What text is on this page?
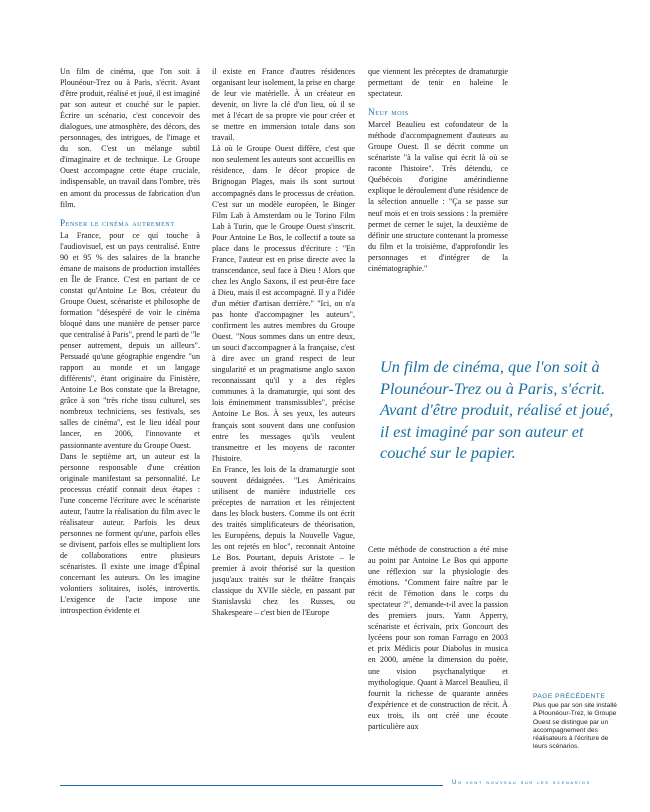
Un film de cinéma, que l'on soit à Plounéour-Trez ou à Paris, s'écrit. Avant d'être produit, réalisé et joué, il est imaginé par son auteur et couché sur le papier. Écrire un scénario, c'est concevoir des dialogues, une atmosphère, des décors, des personnages, des intrigues, de l'image et du son. C'est un mélange subtil d'imaginaire et de technique. Le Groupe Ouest accompagne cette étape cruciale, indispensable, un travail dans l'ombre, très en amont du processus de fabrication d'un film.

Penser le cinéma autrement

La France, pour ce qui touche à l'audiovisuel, est un pays centralisé. Entre 90 et 95 % des salaires de la branche émane de maisons de production installées en Île de France. C'est en partant de ce constat qu'Antoine Le Bos, créateur du Groupe Ouest, scénariste et philosophe de formation "désespéré de voir le cinéma bloqué dans une manière de penser parce que centralisé à Paris", prend le parti de "le penser autrement, depuis un ailleurs". Persuadé qu'une géographie engendre "un rapport au monde et un langage différents", étant originaire du Finistère, Antoine Le Bos constate que la Bretagne, grâce à son "très riche tissu culturel, ses nombreux techniciens, ses festivals, ses salles de cinéma", est le lieu idéal pour lancer, en 2006, l'innovante et passionnante aventure du Groupe Ouest.

Dans le septième art, un auteur est la personne responsable d'une création originale manifestant sa personnalité. Le processus créatif connait deux étapes : l'une concerne l'écriture avec le scénariste auteur, l'autre la réalisation du film avec le réalisateur auteur. Parfois les deux personnes ne forment qu'une, parfois elles se divisent, parfois elles se multiplient lors de collaborations entre plusieurs scénaristes. Il existe une image d'Épinal concernant les auteurs. On les imagine volontiers solitaires, isolés, introvertis. L'exigence de l'acte impose une introspection évidente et

il existe en France d'autres résidences organisant leur isolement, la prise en charge de leur vie matérielle. À un créateur en devenir, on livre la clé d'un lieu, où il se met à l'écart de sa propre vie pour créer et se mettre en immersion totale dans son travail.

Là où le Groupe Ouest diffère, c'est que non seulement les auteurs sont accueillis en résidence, dans le décor propice de Brignogan Plages, mais ils sont surtout accompagnés dans le processus de création. C'est sur un modèle européen, le Binger Film Lab à Amsterdam ou le Torino Film Lab à Turin, que le Groupe Ouest s'inscrit. Pour Antoine Le Bos, le collectif a toute sa place dans le processus d'écriture : "En France, l'auteur est en prise directe avec la transcendance, seul face à Dieu ! Alors que chez les Anglo Saxons, il est peut-être face à Dieu, mais il est accompagné. Il y a l'idée d'un métier d'artisan derrière." "Ici, on n'a pas honte d'accompagner les auteurs", confirment les autres membres du Groupe Ouest. "Nous sommes dans un entre deux, un souci d'accompagner à la française, c'est à dire avec un grand respect de leur singularité et un pragmatisme anglo saxon reconnaissant qu'il y a des règles communes à la dramaturgie, qui sont des lois éminemment transmissibles", précise Antoine Le Bos. À ses yeux, les auteurs français sont souvent dans une confusion entre les messages qu'ils veulent transmettre et les moyens de raconter l'histoire.

En France, les lois de la dramaturgie sont souvent dédaignées. "Les Américains utilisent de manière industrielle ces préceptes de narration et les réinjectent dans les block busters. Comme ils ont écrit des traités simplificateurs de théorisation, les Européens, depuis la Nouvelle Vague, les ont rejetés en bloc", reconnait Antoine Le Bos. Pourtant, depuis Aristote – le premier à avoir théorisé sur la question jusqu'aux traités sur le théâtre français classique du XVIIe siècle, en passant par Stanislavski chez les Russes, ou Shakespeare – c'est bien de l'Europe

que viennent les préceptes de dramaturgie permettant de tenir en haleine le spectateur.

Neuf mois

Marcel Beaulieu est cofondateur de la méthode d'accompagnement d'auteurs au Groupe Ouest. Il se décrit comme un scénariste "à la valise qui écrit là où se raconte l'histoire". Très détendu, ce Québécois d'origine amérindienne explique le déroulement d'une résidence de la sélection annuelle : "Ça se passe sur neuf mois et en trois sessions : la première permet de cerner le sujet, la deuxième de définir une structure contenant la promesse du film et la troisième, d'approfondir les personnages et d'intégrer de la cinématographie."

Un film de cinéma, que l'on soit à Plounéour-Trez ou à Paris, s'écrit. Avant d'être produit, réalisé et joué, il est imaginé par son auteur et couché sur le papier.

Cette méthode de construction a été mise au point par Antoine Le Bos qui apporte une réflexion sur la physiologie des émotions. "Comment faire naître par le récit de l'émotion dans le corps du spectateur ?", demande-t-il avec la passion des premiers jours. Yann Apperry, scénariste et écrivain, prix Goncourt des lycéens pour son roman Farrago en 2003 et prix Médicis pour Diabolus in musica en 2000, amène la dimension du poète, une vision psychanalytique et mythologique. Quant à Marcel Beaulieu, il fournit la richesse de quarante années d'expérience et de construction de récit. À eux trois, ils ont créé une écoute particulière aux

PAGE PRÉCÉDENTE
Plus que par son site installé à Plounéour-Trez, le Groupe Ouest se distingue par un accompagnement des réalisateurs à l'écriture de leurs scénarios.
Un vent nouveau sur les scénarios
